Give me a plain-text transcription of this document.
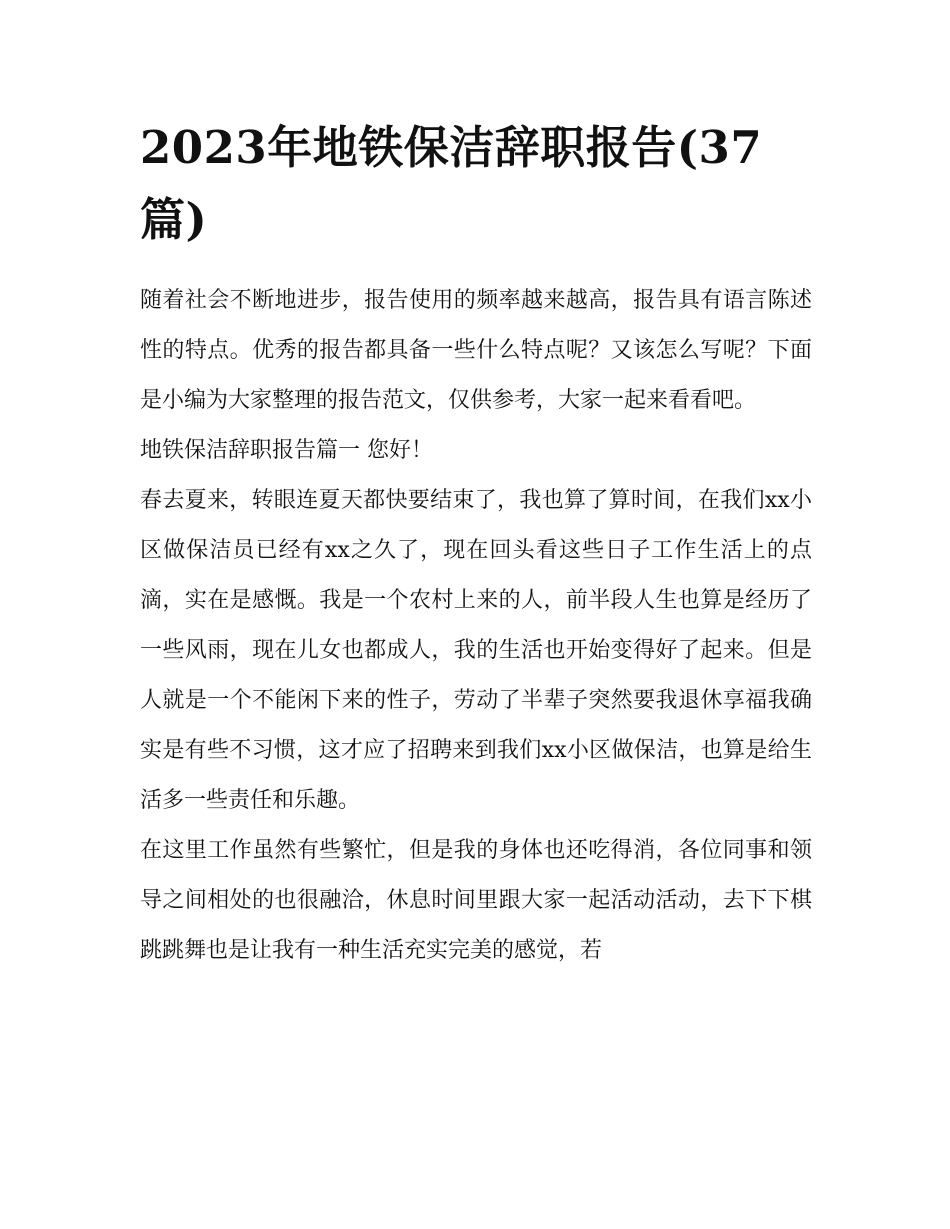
2023年地铁保洁辞职报告(37篇)

随着社会不断地进步，报告使用的频率越来越高，报告具有语言陈述性的特点。优秀的报告都具备一些什么特点呢？又该怎么写呢？下面是小编为大家整理的报告范文，仅供参考，大家一起来看看吧。

地铁保洁辞职报告篇一 您好！

春去夏来，转眼连夏天都快要结束了，我也算了算时间，在我们xx小区做保洁员已经有xx之久了，现在回头看这些日子工作生活上的点滴，实在是感慨。我是一个农村上来的人，前半段人生也算是经历了一些风雨，现在儿女也都成人，我的生活也开始变得好了起来。但是人就是一个不能闲下来的性子，劳动了半辈子突然要我退休享福我确实是有些不习惯，这才应了招聘来到我们xx小区做保洁，也算是给生活多一些责任和乐趣。

在这里工作虽然有些繁忙，但是我的身体也还吃得消，各位同事和领导之间相处的也很融洽，休息时间里跟大家一起活动活动，去下下棋跳跳舞也是让我有一种生活充实完美的感觉，若
